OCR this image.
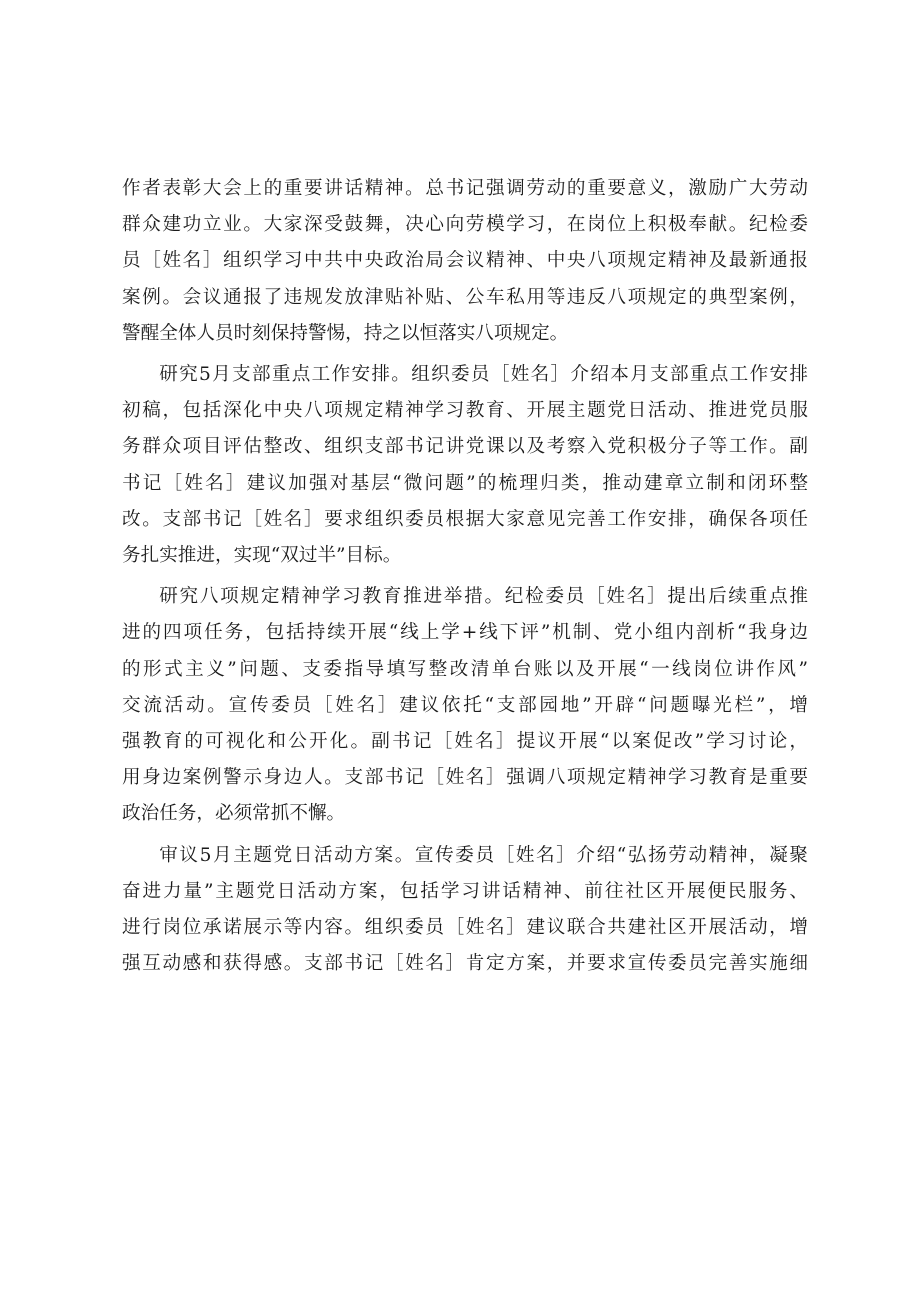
作者表彰大会上的重要讲话精神。总书记强调劳动的重要意义，激励广大劳动
群众建功立业。大家深受鼓舞，决心向劳模学习，在岗位上积极奉献。纪检委
员［姓名］组织学习中共中央政治局会议精神、中央八项规定精神及最新通报
案例。会议通报了违规发放津贴补贴、公车私用等违反八项规定的典型案例，
警醒全体人员时刻保持警惕，持之以恒落实八项规定。
研究5月支部重点工作安排。组织委员［姓名］介绍本月支部重点工作安排
初稿，包括深化中央八项规定精神学习教育、开展主题党日活动、推进党员服
务群众项目评估整改、组织支部书记讲党课以及考察入党积极分子等工作。副
书记［姓名］建议加强对基层“微问题”的梳理归类，推动建章立制和闭环整
改。支部书记［姓名］要求组织委员根据大家意见完善工作安排，确保各项任
务扎实推进，实现“双过半”目标。
研究八项规定精神学习教育推进举措。纪检委员［姓名］提出后续重点推
进的四项任务，包括持续开展“线上学+线下评”机制、党小组内剖析“我身边
的形式主义”问题、支委指导填写整改清单台账以及开展“一线岗位讲作风”
交流活动。宣传委员［姓名］建议依托“支部园地”开辟“问题曝光栏”，增
强教育的可视化和公开化。副书记［姓名］提议开展“以案促改”学习讨论，
用身边案例警示身边人。支部书记［姓名］强调八项规定精神学习教育是重要
政治任务，必须常抓不懈。
审议5月主题党日活动方案。宣传委员［姓名］介绍“弘扬劳动精神，凝聚
奋进力量”主题党日活动方案，包括学习讲话精神、前往社区开展便民服务、
进行岗位承诺展示等内容。组织委员［姓名］建议联合共建社区开展活动，增
强互动感和获得感。支部书记［姓名］肯定方案，并要求宣传委员完善实施细
